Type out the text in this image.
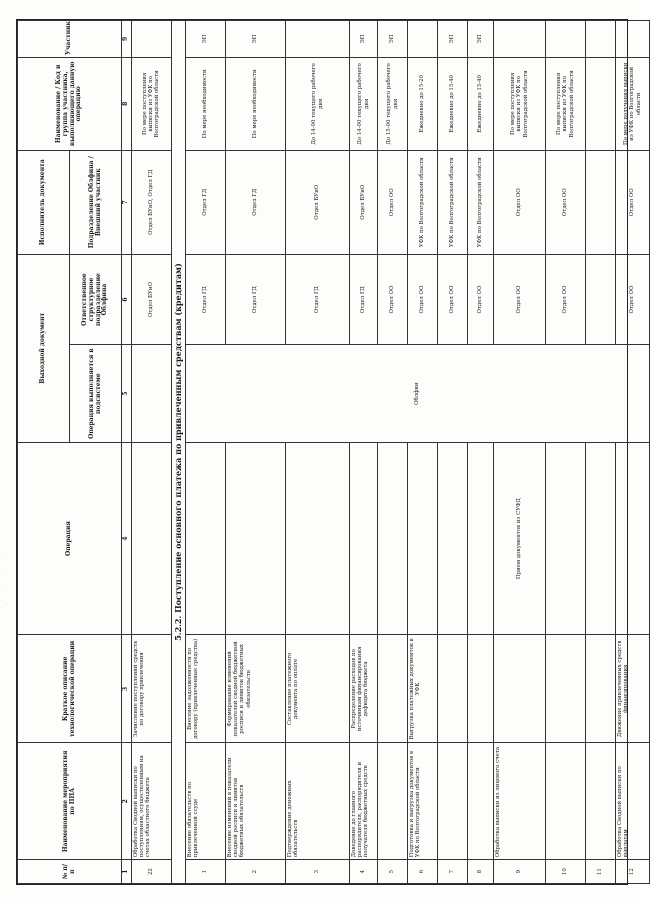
· · · ·
№ п/п	Наименование мероприятия по ППА	Краткое описание технологической операции	Операция	Выходной документ		Исполнитель документа	Наименование / Код и группа участника, выполняющего данную операцию	Участник
				Операция выполняется в подсистеме	Ответственное структурное подразделение Облфина	Подразделение Облфина / Внешний участник		
1	2	3	4	5	6	7	8	9
22	Обработка Сводной выписки по поступлениям, осуществленным на счетах областного бюджета	Зачисление поступлений средств по договору привлечения			Отдел БУиО	Отдел БУиО, Отдел ГД	По мере поступления выписки из УФК по Волгоградской области	
5.2.2. Поступление основного платежа по привлеченным средствам (кредитам)								
1	Внесение обязательств по привлеченной ссуде	Внесение задолженности по договору (привлеченные средства)		Облфин	Отдел ГД	Отдел ГД	По мере необходимости	ЭП
2	Внесение изменений в показатели сводной росписи и лимитов бюджетных обязательств	Формирование изменений показателей сводной бюджетной росписи и лимитов бюджетных обязательств			Отдел ГД	Отдел ГД	По мере необходимости	ЭП
3	Подтверждение денежных обязательств	Составление платежного документа по оплате			Отдел ГД	Отдел БУиО	До 14-00 текущего рабочего дня	
4	Доведение до главного распорядителя, распорядителя и получателя бюджетных средств	Распределение расходов по источникам финансирования дефицита бюджета			Отдел ГД	Отдел БУиО	До 14-00 текущего рабочего дня	ЭП
5					Отдел ОО	Отдел ОО	До 15-00 текущего рабочего дня	ЭП
6	Подготовка и выгрузка документов в УФК по Волгоградской области	Выгрузка платежных документов в УФК			Отдел ОО	УФК по Волгоградской области	Ежедневно до 15-20	
7					Отдел ОО	УФК по Волгоградской области	Ежедневно до 15-40	ЭП
8					Отдел ОО	УФК по Волгоградской области	Ежедневно до 15-40	ЭП
9	Обработка выписки из лицевого счета		Прием документов из СУФД		Отдел ОО	Отдел ОО	По мере поступления выписки из УФК по Волгоградской области	
10					Отдел ОО	Отдел ОО	По мере поступления выписки из УФК по Волгоградской области	
11								
12	Обработка Сводной выписки по выплатам	Движение привлеченных средств финансирования			Отдел ОО	Отдел ОО	По мере получения выписки из УФК по Волгоградской области	
